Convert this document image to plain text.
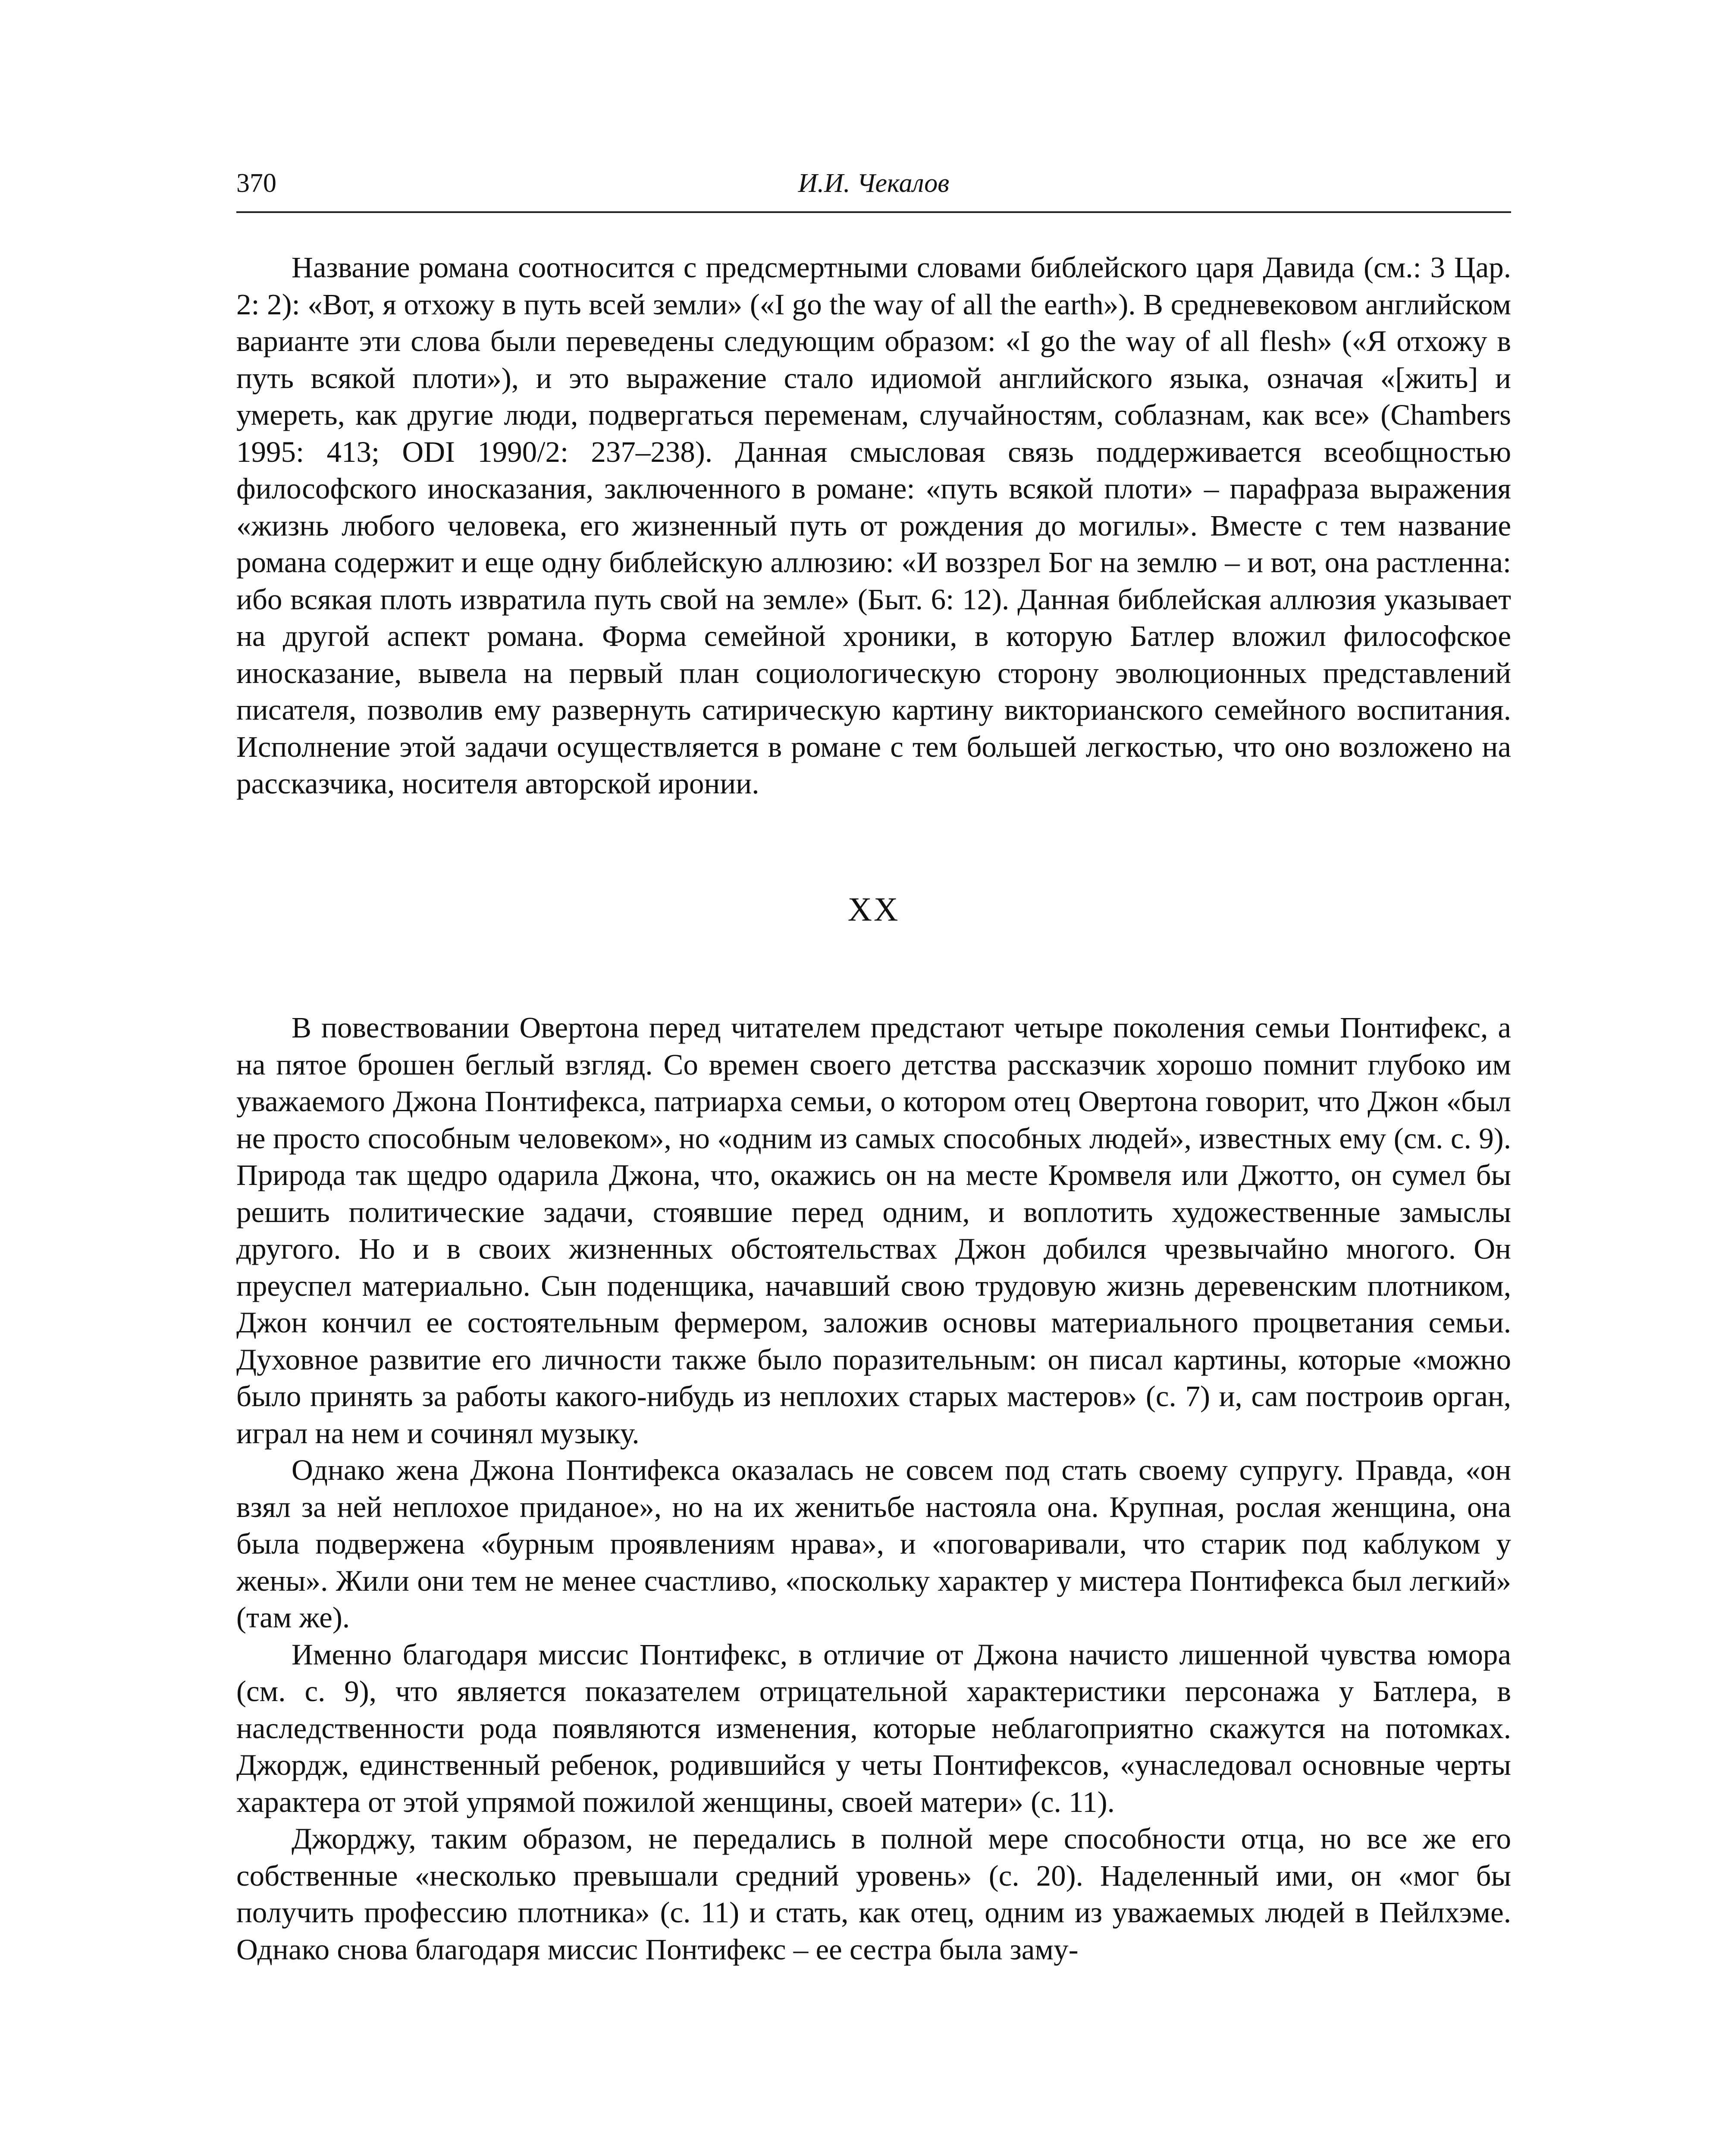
370	И.И. Чекалов

Название романа соотносится с предсмертными словами библейского царя Давида (см.: 3 Цар. 2: 2): «Вот, я отхожу в путь всей земли» («I go the way of all the earth»). В средневековом английском варианте эти слова были переведены следующим образом: «I go the way of all flesh» («Я отхожу в путь всякой плоти»), и это выражение стало идиомой английского языка, означая «[жить] и умереть, как другие люди, подвергаться переменам, случайностям, соблазнам, как все» (Chambers 1995: 413; ODI 1990/2: 237–238). Данная смысловая связь поддерживается всеобщностью философского иносказания, заключенного в романе: «путь всякой плоти» – парафраза выражения «жизнь любого человека, его жизненный путь от рождения до могилы». Вместе с тем название романа содержит и еще одну библейскую аллюзию: «И воззрел Бог на землю – и вот, она растленна: ибо всякая плоть извратила путь свой на земле» (Быт. 6: 12). Данная библейская аллюзия указывает на другой аспект романа. Форма семейной хроники, в которую Батлер вложил философское иносказание, вывела на первый план социологическую сторону эволюционных представлений писателя, позволив ему развернуть сатирическую картину викторианского семейного воспитания. Исполнение этой задачи осуществляется в романе с тем большей легкостью, что оно возложено на рассказчика, носителя авторской иронии.

XX

В повествовании Овертона перед читателем предстают четыре поколения семьи Понтифекс, а на пятое брошен беглый взгляд. Со времен своего детства рассказчик хорошо помнит глубоко им уважаемого Джона Понтифекса, патриарха семьи, о котором отец Овертона говорит, что Джон «был не просто способным человеком», но «одним из самых способных людей», известных ему (см. с. 9). Природа так щедро одарила Джона, что, окажись он на месте Кромвеля или Джотто, он сумел бы решить политические задачи, стоявшие перед одним, и воплотить художественные замыслы другого. Но и в своих жизненных обстоятельствах Джон добился чрезвычайно многого. Он преуспел материально. Сын поденщика, начавший свою трудовую жизнь деревенским плотником, Джон кончил ее состоятельным фермером, заложив основы материального процветания семьи. Духовное развитие его личности также было поразительным: он писал картины, которые «можно было принять за работы какого-нибудь из неплохих старых мастеров» (с. 7) и, сам построив орган, играл на нем и сочинял музыку.

Однако жена Джона Понтифекса оказалась не совсем под стать своему супругу. Правда, «он взял за ней неплохое приданое», но на их женитьбе настояла она. Крупная, рослая женщина, она была подвержена «бурным проявлениям нрава», и «поговаривали, что старик под каблуком у жены». Жили они тем не менее счастливо, «поскольку характер у мистера Понтифекса был легкий» (там же).

Именно благодаря миссис Понтифекс, в отличие от Джона начисто лишенной чувства юмора (см. с. 9), что является показателем отрицательной характеристики персонажа у Батлера, в наследственности рода появляются изменения, которые неблагоприятно скажутся на потомках. Джордж, единственный ребенок, родившийся у четы Понтифексов, «унаследовал основные черты характера от этой упрямой пожилой женщины, своей матери» (с. 11).

Джорджу, таким образом, не передались в полной мере способности отца, но все же его собственные «несколько превышали средний уровень» (с. 20). Наделенный ими, он «мог бы получить профессию плотника» (с. 11) и стать, как отец, одним из уважаемых людей в Пейлхэме. Однако снова благодаря миссис Понтифекс – ее сестра была заму-
